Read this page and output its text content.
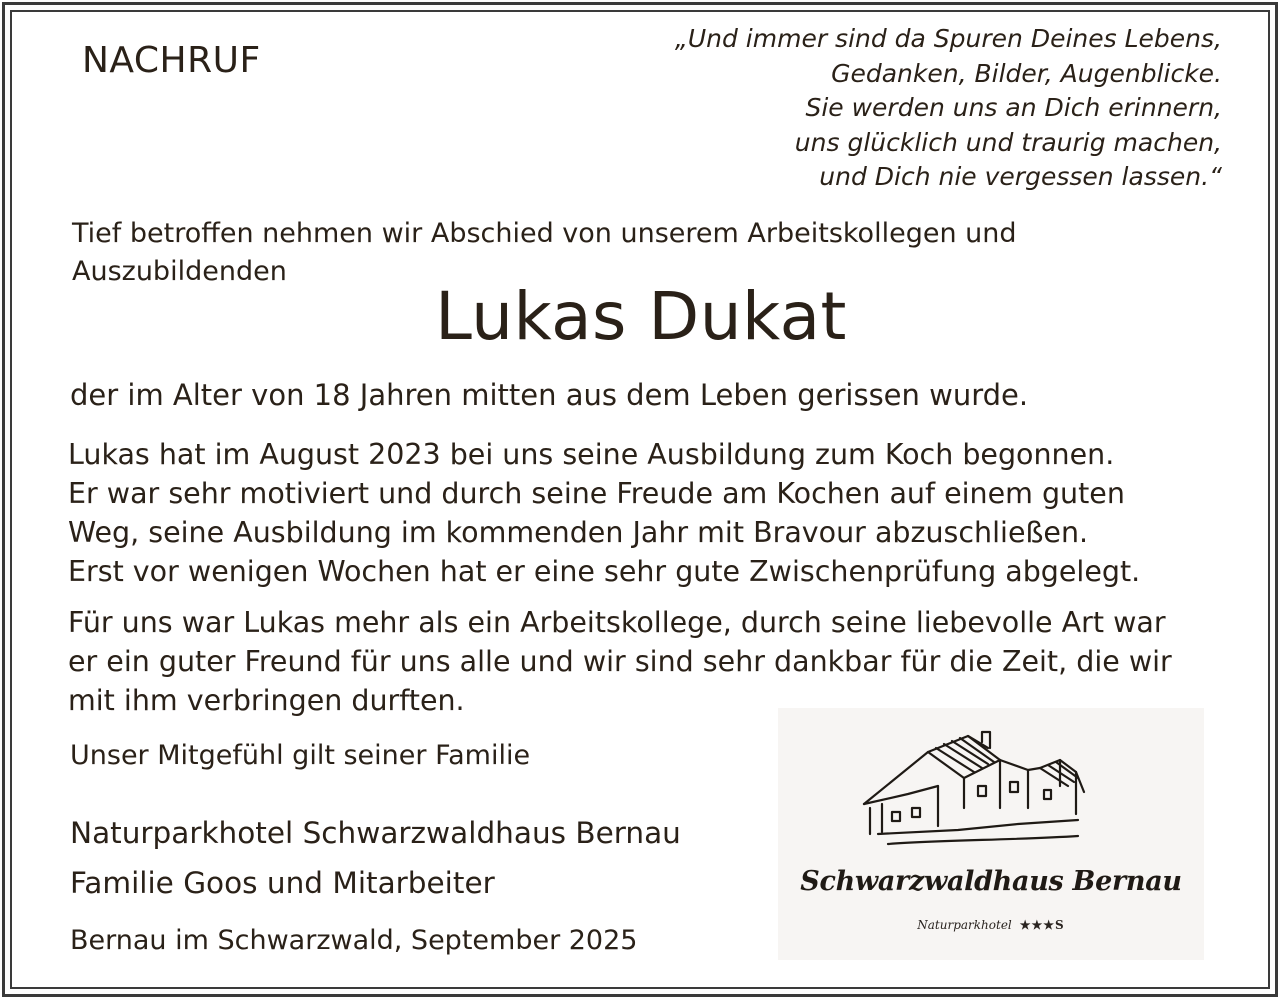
NACHRUF

„Und immer sind da Spuren Deines Lebens,
Gedanken, Bilder, Augenblicke.
Sie werden uns an Dich erinnern,
uns glücklich und traurig machen,
und Dich nie vergessen lassen.“
Tief betroffen nehmen wir Abschied von unserem Arbeitskollegen und
Auszubildenden
Lukas Dukat

der im Alter von 18 Jahren mitten aus dem Leben gerissen wurde.

Lukas hat im August 2023 bei uns seine Ausbildung zum Koch begonnen.
Er war sehr motiviert und durch seine Freude am Kochen auf einem guten
Weg, seine Ausbildung im kommenden Jahr mit Bravour abzuschließen.
Erst vor wenigen Wochen hat er eine sehr gute Zwischenprüfung abgelegt.
Für uns war Lukas mehr als ein Arbeitskollege, durch seine liebevolle Art war
er ein guter Freund für uns alle und wir sind sehr dankbar für die Zeit, die wir
mit ihm verbringen durften.

Unser Mitgefühl gilt seiner Familie

Naturparkhotel Schwarzwaldhaus Bernau
Familie Goos und Mitarbeiter

Bernau im Schwarzwald, September 2025

Schwarzwaldhaus Bernau
Naturparkhotel ★★★S
